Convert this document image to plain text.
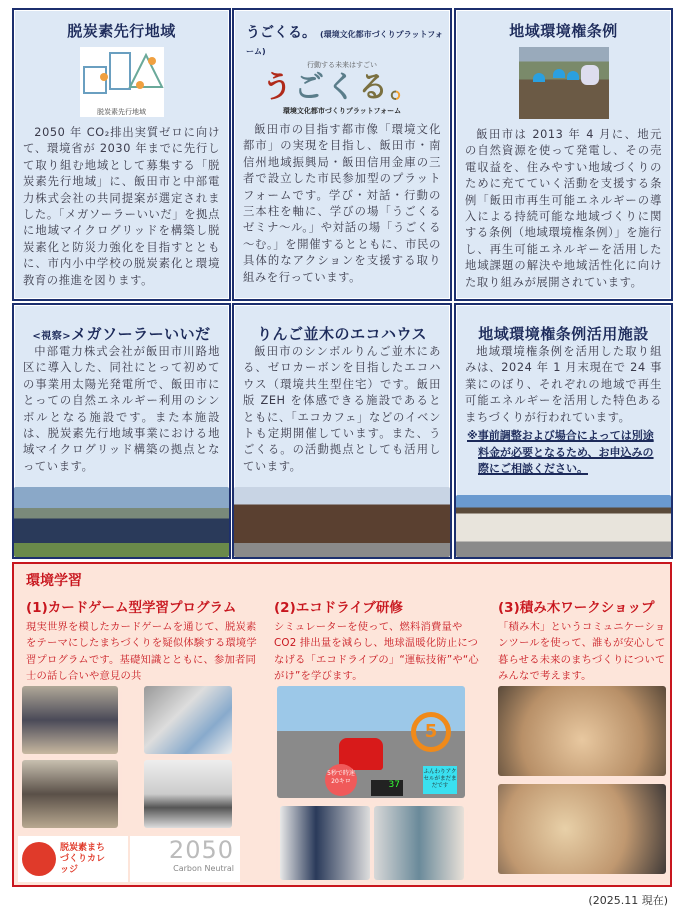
脱炭素先行地域
脱炭素先行地域

2050 年 CO₂排出実質ゼロに向けて、環境省が 2030 年までに先行して取り組む地域として募集する「脱炭素先行地域」に、飯田市と中部電力株式会社の共同提案が選定されました。「メガソーラーいいだ」を拠点に地域マイクログリッドを構築し脱炭素化と防災力強化を目指すとともに、市内小中学校の脱炭素化と環境教育の推進を図ります。

うごくる。 (環境文化都市づくりプラットフォーム)
行動する未来はすごい
うごくる。
環境文化都市づくりプラットフォーム

飯田市の目指す都市像「環境文化都市」の実現を目指し、飯田市・南信州地域振興局・飯田信用金庫の三者で設立した市民参加型のプラットフォームです。学び・対話・行動の三本柱を軸に、学びの場「うごくるゼミナ～ル。」や対話の場「うごくる～む。」を開催するとともに、市民の具体的なアクションを支援する取り組みを行っています。

地域環境権条例

飯田市は 2013 年 4 月に、地元の自然資源を使って発電し、その売電収益を、住みやすい地域づくりのために充てていく活動を支援する条例「飯田市再生可能エネルギーの導入による持続可能な地域づくりに関する条例（地域環境権条例）」を施行し、再生可能エネルギーを活用した地域課題の解決や地域活性化に向けた取り組みが展開されています。

<視察>メガソーラーいいだ

中部電力株式会社が飯田市川路地区に導入した、同社にとって初めての事業用太陽光発電所で、飯田市にとっての自然エネルギー利用のシンボルとなる施設です。また本施設は、脱炭素先行地域事業における地域マイクログリッド構築の拠点となっています。

りんご並木のエコハウス

飯田市のシンボルりんご並木にある、ゼロカーボンを目指したエコハウス（環境共生型住宅）です。飯田版 ZEH を体感できる施設であるとともに、「エコカフェ」などのイベントも定期開催しています。また、うごくる。の活動拠点としても活用しています。

地域環境権条例活用施設

地域環境権条例を活用した取り組みは、2024 年 1 月末現在で 24 事業にのぼり、それぞれの地域で再生可能エネルギーを活用した特色あるまちづくりが行われています。

※事前調整および場合によっては別途料金が必要となるため、お申込みの際にご相談ください。

環境学習
(1)カードゲーム型学習プログラム

現実世界を模したカードゲームを通じて、脱炭素をテーマにしたまちづくりを疑似体験する環境学習プログラムです。基礎知識とともに、参加者同士の話し合いや意見の共

(2)エコドライブ研修

シミュレーターを使って、燃料消費量や CO2 排出量を減らし、地球温暖化防止につなげる「エコドライブの」“運転技術”や“心がけ”を学びます。

(3)積み木ワークショップ

「積み木」というコミュニケーションツールを使って、誰もが安心して暮らせる未来のまちづくりについてみんなで考えます。

脱炭素まちづくりカレッジ
2050
Carbon Neutral
5
5秒で時速20キロ
ふんわりアクセルがまだまだです
37
(2025.11 現在)
